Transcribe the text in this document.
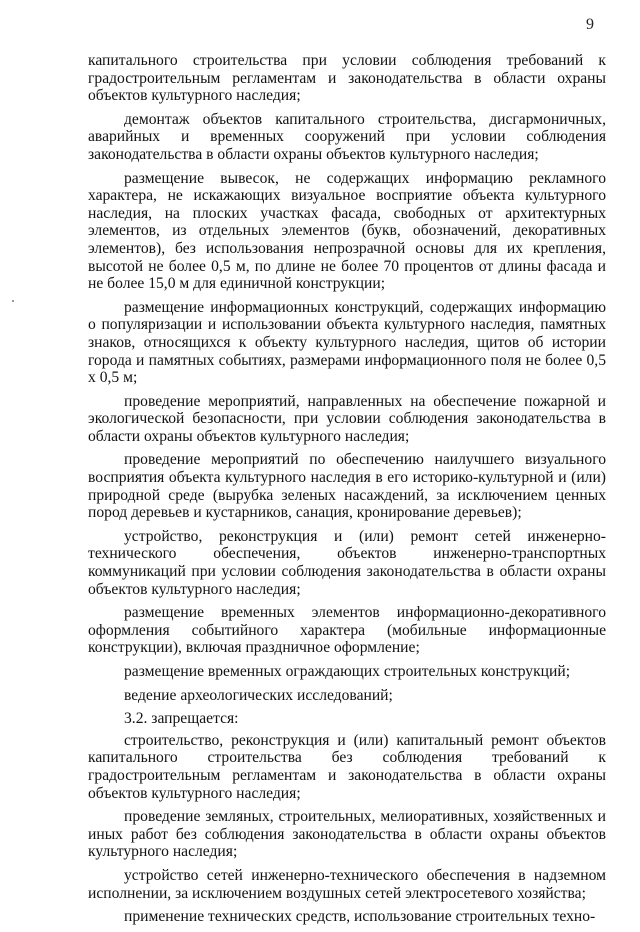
9

капитального строительства при условии соблюдения требований к градостроительным регламентам и законодательства в области охраны объектов культурного наследия;

демонтаж объектов капитального строительства, дисгармоничных, аварийных и временных сооружений при условии соблюдения законодательства в области охраны объектов культурного наследия;

размещение вывесок, не содержащих информацию рекламного характера, не искажающих визуальное восприятие объекта культурного наследия, на плоских участках фасада, свободных от архитектурных элементов, из отдельных элементов (букв, обозначений, декоративных элементов), без использования непрозрачной основы для их крепления, высотой не более 0,5 м, по длине не более 70 процентов от длины фасада и не более 15,0 м для единичной конструкции;

размещение информационных конструкций, содержащих информацию о популяризации и использовании объекта культурного наследия, памятных знаков, относящихся к объекту культурного наследия, щитов об истории города и памятных событиях, размерами информационного поля не более 0,5 х 0,5 м;

проведение мероприятий, направленных на обеспечение пожарной и экологической безопасности, при условии соблюдения законодательства в области охраны объектов культурного наследия;

проведение мероприятий по обеспечению наилучшего визуального восприятия объекта культурного наследия в его историко-культурной и (или) природной среде (вырубка зеленых насаждений, за исключением ценных пород деревьев и кустарников, санация, кронирование деревьев);

устройство, реконструкция и (или) ремонт сетей инженерно-технического обеспечения, объектов инженерно-транспортных коммуникаций при условии соблюдения законодательства в области охраны объектов культурного наследия;

размещение временных элементов информационно-декоративного оформления событийного характера (мобильные информационные конструкции), включая праздничное оформление;

размещение временных ограждающих строительных конструкций;

ведение археологических исследований;

3.2. запрещается:

строительство, реконструкция и (или) капитальный ремонт объектов капитального строительства без соблюдения требований к градостроительным регламентам и законодательства в области охраны объектов культурного наследия;

проведение земляных, строительных, мелиоративных, хозяйственных и иных работ без соблюдения законодательства в области охраны объектов культурного наследия;

устройство сетей инженерно-технического обеспечения в надземном исполнении, за исключением воздушных сетей электросетевого хозяйства;

применение технических средств, использование строительных техно-
